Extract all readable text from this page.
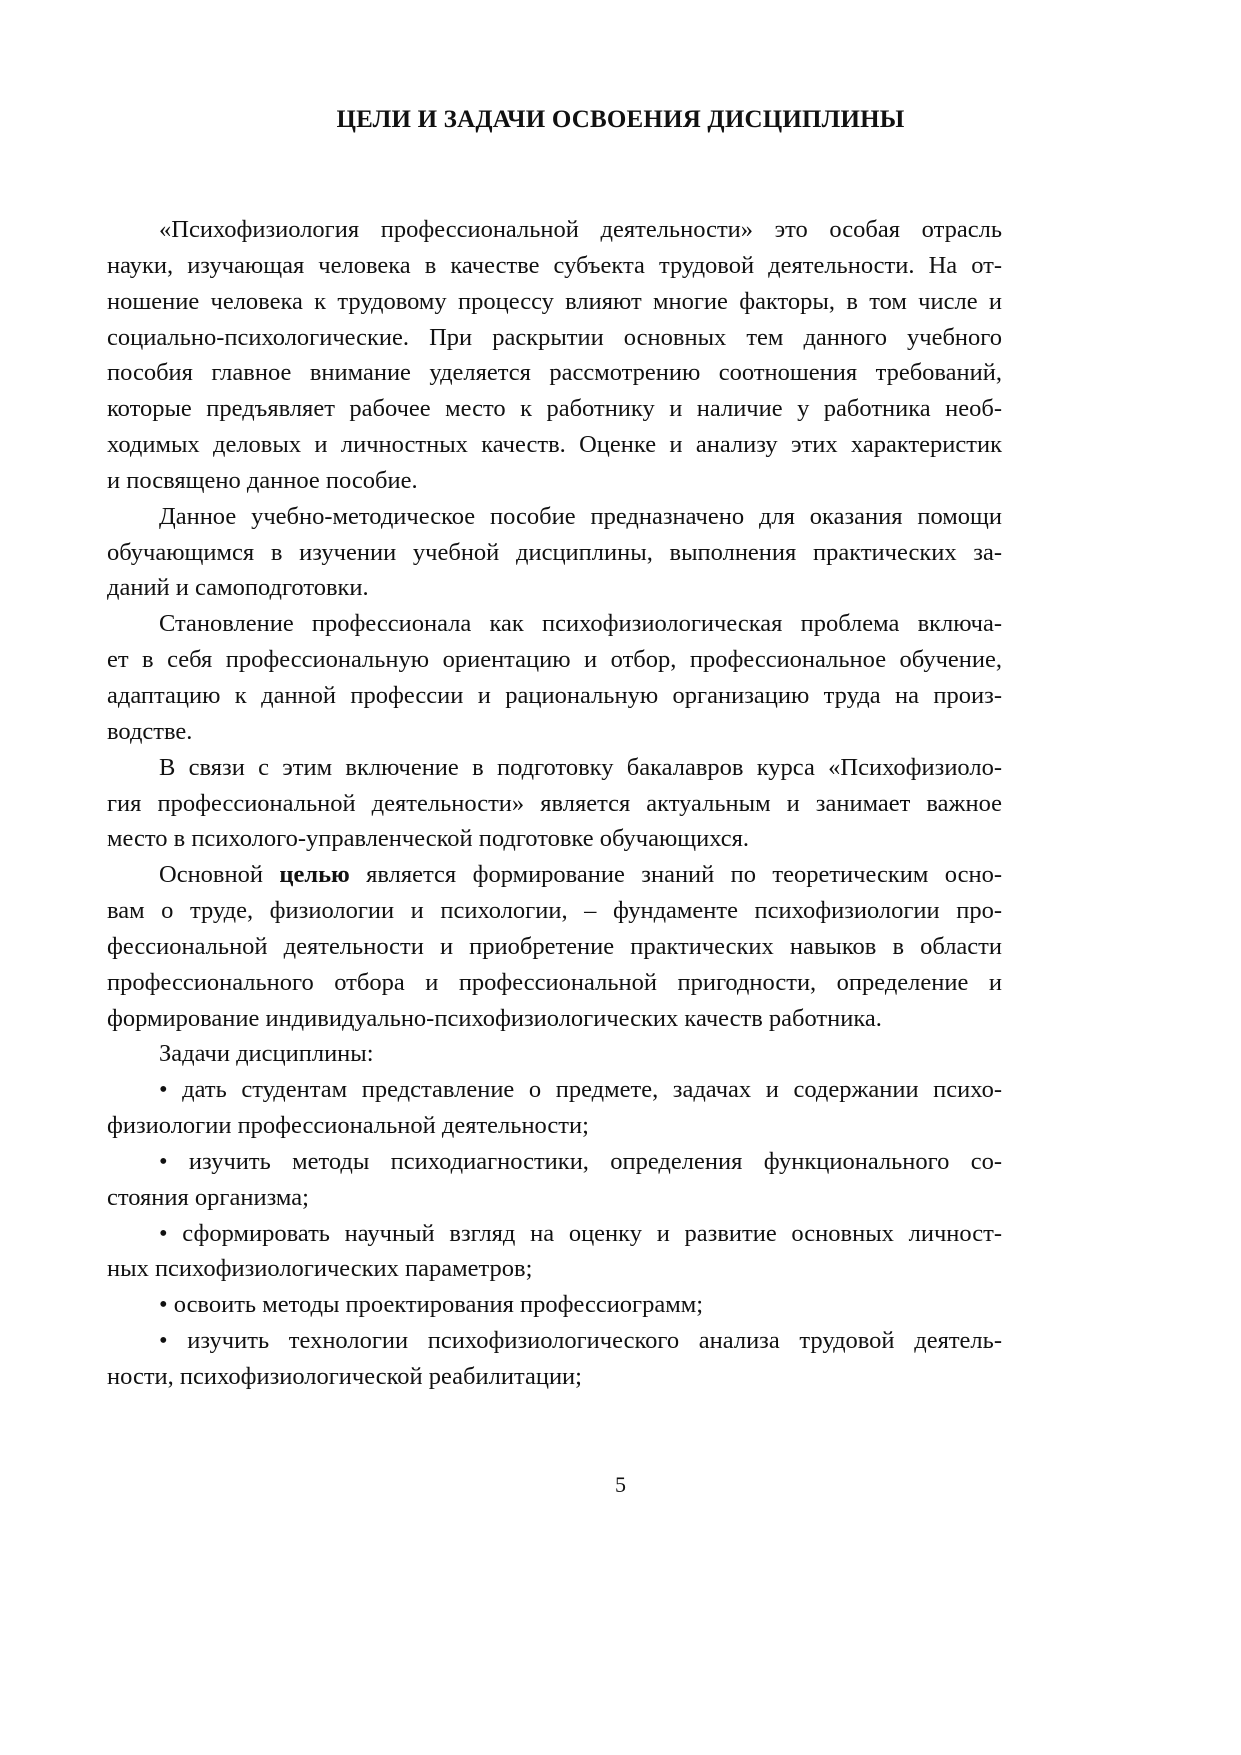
ЦЕЛИ И ЗАДАЧИ ОСВОЕНИЯ ДИСЦИПЛИНЫ
«Психофизиология профессиональной деятельности» это особая отрасль
науки, изучающая человека в качестве субъекта трудовой деятельности. На от-
ношение человека к трудовому процессу влияют многие факторы, в том числе и
социально-психологические. При раскрытии основных тем данного учебного
пособия главное внимание уделяется рассмотрению соотношения требований,
которые предъявляет рабочее место к работнику и наличие у работника необ-
ходимых деловых и личностных качеств. Оценке и анализу этих характеристик
и посвящено данное пособие.
Данное учебно-методическое пособие предназначено для оказания помощи
обучающимся в изучении учебной дисциплины, выполнения практических за-
даний и самоподготовки.
Становление профессионала как психофизиологическая проблема включа-
ет в себя профессиональную ориентацию и отбор, профессиональное обучение,
адаптацию к данной профессии и рациональную организацию труда на произ-
водстве.
В связи с этим включение в подготовку бакалавров курса «Психофизиоло-
гия профессиональной деятельности» является актуальным и занимает важное
место в психолого-управленческой подготовке обучающихся.
Основной целью является формирование знаний по теоретическим осно-
вам о труде, физиологии и психологии, – фундаменте психофизиологии про-
фессиональной деятельности и приобретение практических навыков в области
профессионального отбора и профессиональной пригодности, определение и
формирование индивидуально-психофизиологических качеств работника.
Задачи дисциплины:
• дать студентам представление о предмете, задачах и содержании психо-
физиологии профессиональной деятельности;
• изучить методы психодиагностики, определения функционального со-
стояния организма;
• сформировать научный взгляд на оценку и развитие основных личност-
ных психофизиологических параметров;
• освоить методы проектирования профессиограмм;
• изучить технологии психофизиологического анализа трудовой деятель-
ности, психофизиологической реабилитации;
5
